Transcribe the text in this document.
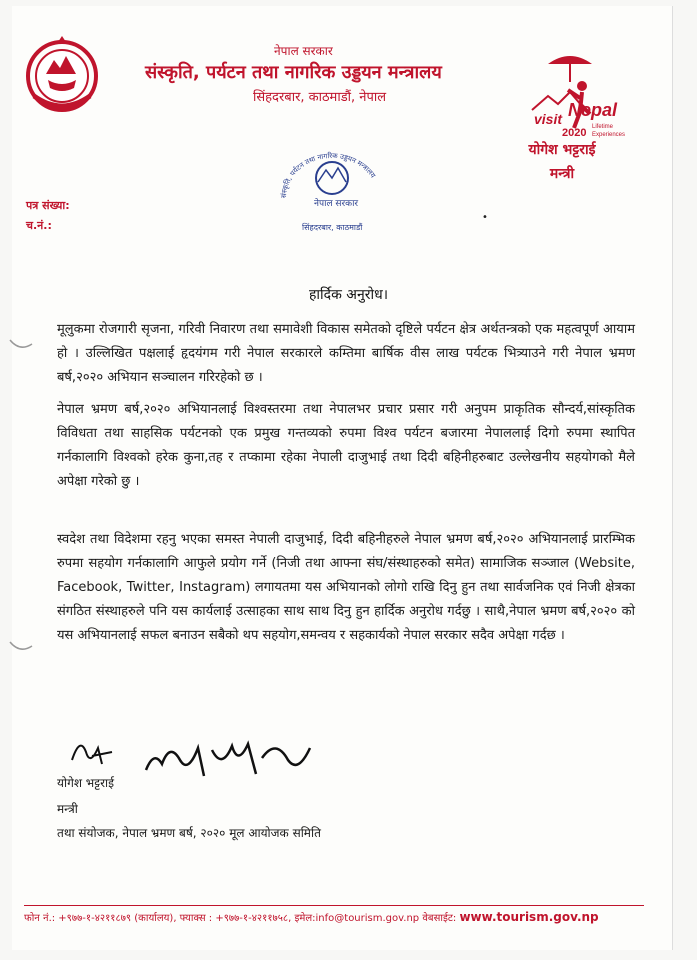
नेपाल सरकार
संस्कृति, पर्यटन तथा नागरिक उड्डयन मन्त्रालय
सिंहदरबार, काठमाडौं, नेपाल
visit Nepal
2020 Lifetime
Experiences
योगेश भट्टराई
मन्त्री
संस्कृति, पर्यटन तथा नागरिक उड्डयन मन्त्रालय
नेपाल सरकार
सिंहदरबार, काठमाडौं
पत्र संख्या:
च.नं.:
•
हार्दिक अनुरोध।
मूलुकमा रोजगारी सृजना, गरिवी निवारण तथा समावेशी विकास समेतको दृष्टिले पर्यटन क्षेत्र अर्थतन्त्रको एक महत्वपूर्ण आयाम हो । उल्लिखित पक्षलाई हृदयंगम गरी नेपाल सरकारले कम्तिमा बार्षिक वीस लाख पर्यटक भित्र्याउने गरी नेपाल भ्रमण बर्ष,२०२० अभियान सञ्चालन गरिरहेको छ ।
नेपाल भ्रमण बर्ष,२०२० अभियानलाई विश्वस्तरमा तथा नेपालभर प्रचार प्रसार गरी अनुपम प्राकृतिक सौन्दर्य,सांस्कृतिक विविधता तथा साहसिक पर्यटनको एक प्रमुख गन्तव्यको रुपमा विश्व पर्यटन बजारमा नेपाललाई दिगो रुपमा स्थापित गर्नकालागि विश्वको हरेक कुना,तह र तप्कामा रहेका नेपाली दाजुभाई तथा दिदी बहिनीहरुबाट उल्लेखनीय सहयोगको मैले अपेक्षा गरेको छु ।
स्वदेश तथा विदेशमा रहनु भएका समस्त नेपाली दाजुभाई, दिदी बहिनीहरुले नेपाल भ्रमण बर्ष,२०२० अभियानलाई प्रारम्भिक रुपमा सहयोग गर्नकालागि आफुले प्रयोग गर्ने (निजी तथा आफ्ना संघ/संस्थाहरुको समेत) सामाजिक सञ्जाल (Website, Facebook, Twitter, Instagram) लगायतमा यस अभियानको लोगो राखि दिनु हुन तथा सार्वजनिक एवं निजी क्षेत्रका संगठित संस्थाहरुले पनि यस कार्यलाई उत्साहका साथ साथ दिनु हुन हार्दिक अनुरोध गर्दछु । साथै,नेपाल भ्रमण बर्ष,२०२० को यस अभियानलाई सफल बनाउन सबैको थप सहयोग,समन्वय र सहकार्यको नेपाल सरकार सदैव अपेक्षा गर्दछ ।
योगेश भट्टराई
मन्त्री
तथा संयोजक, नेपाल भ्रमण बर्ष, २०२० मूल आयोजक समिति
फोन नं.: +९७७-१-४२११८७९ (कार्यालय), फ्याक्स : +९७७-१-४२११७५८, इमेल:info@tourism.gov.np वेबसाईट: www.tourism.gov.np
